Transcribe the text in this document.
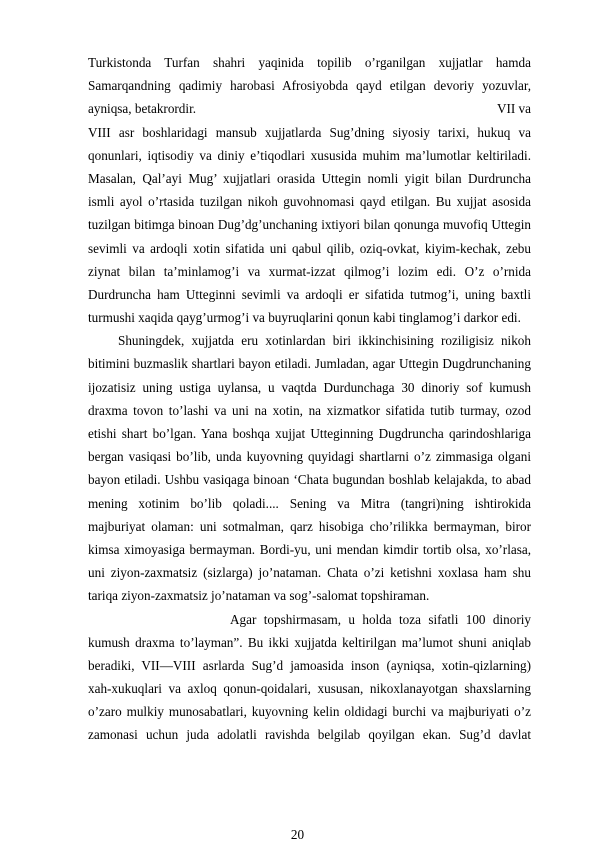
Turkistonda Turfan shahri yaqinida topilib o’rganilgan xujjatlar hamda
Samarqandning qadimiy harobasi Afrosiyobda qayd etilgan devoriy yozuvlar,
ayniqsa, betakrordir.	VII va
VIII asr boshlaridagi mansub xujjatlarda Sug’dning siyosiy tarixi, hukuq va
qonunlari, iqtisodiy va diniy e’tiqodlari xususida muhim ma’lumotlar keltiriladi.
Masalan, Qal’ayi Mug’ xujjatlari orasida Uttegin nomli yigit bilan Durdruncha
ismli ayol o’rtasida tuzilgan nikoh guvohnomasi qayd etilgan. Bu xujjat asosida
tuzilgan bitimga binoan Dug’dg’unchaning ixtiyori bilan qonunga muvofiq Uttegin
sevimli va ardoqli xotin sifatida uni qabul qilib, oziq-ovkat, kiyim-kechak, zebu
ziynat bilan ta’minlamog’i va xurmat-izzat qilmog’i lozim edi. O’z o’rnida
Durdruncha ham Utteginni sevimli va ardoqli er sifatida tutmog’i, uning baxtli
turmushi xaqida qayg’urmog’i va buyruqlarini qonun kabi tinglamog’i darkor edi.
Shuningdek, xujjatda eru xotinlardan biri ikkinchisining roziligisiz nikoh
bitimini buzmaslik shartlari bayon etiladi. Jumladan, agar Uttegin Dugdrunchaning
ijozatisiz uning ustiga uylansa, u vaqtda Durdunchaga 30 dinoriy sof kumush
draxma tovon to’lashi va uni na xotin, na xizmatkor sifatida tutib turmay, ozod
etishi shart bo’lgan. Yana boshqa xujjat Utteginning Dugdruncha qarindoshlariga
bergan vasiqasi bo’lib, unda kuyovning quyidagi shartlarni o’z zimmasiga olgani
bayon etiladi. Ushbu vasiqaga binoan ‘Chata bugundan boshlab kelajakda, to abad
mening xotinim bo’lib qoladi.... Sening va Mitra (tangri)ning ishtirokida
majburiyat olaman: uni sotmalman, qarz hisobiga cho’rilikka bermayman, biror
kimsa ximoyasiga bermayman. Bordi-yu, uni mendan kimdir tortib olsa, xo’rlasa,
uni ziyon-zaxmatsiz (sizlarga) jo’nataman. Chata o’zi ketishni xoxlasa ham shu
tariqa ziyon-zaxmatsiz jo’nataman va sog’-salomat topshiraman.
Agar topshirmasam, u holda toza sifatli 100 dinoriy
kumush draxma to’layman”. Bu ikki xujjatda keltirilgan ma’lumot shuni aniqlab
beradiki, VII—VIII asrlarda Sug’d jamoasida inson (ayniqsa, xotin-qizlarning)
xah-xukuqlari va axloq qonun-qoidalari, xususan, nikoxlanayotgan shaxslarning
o’zaro mulkiy munosabatlari, kuyovning kelin oldidagi burchi va majburiyati o’z
zamonasi uchun juda adolatli ravishda belgilab qoyilgan ekan. Sug’d davlat
20
